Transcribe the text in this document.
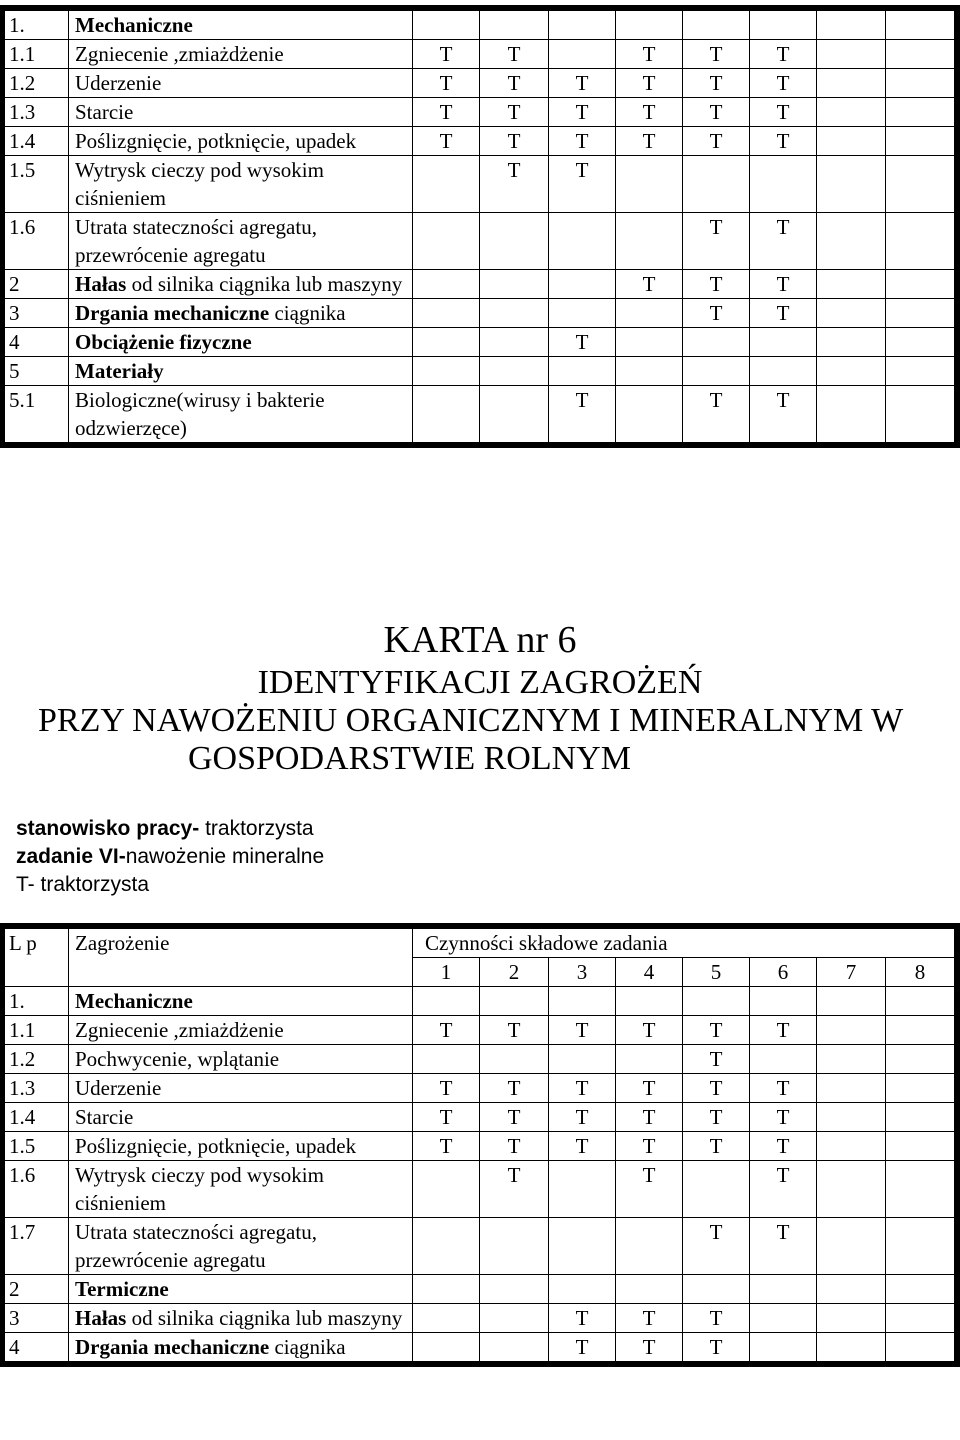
1.	Mechaniczne								
1.1	Zgniecenie ,zmiażdżenie	T	T		T	T	T		
1.2	Uderzenie	T	T	T	T	T	T		
1.3	Starcie	T	T	T	T	T	T		
1.4	Poślizgnięcie, potknięcie, upadek	T	T	T	T	T	T		
1.5	Wytrysk cieczy pod wysokim ciśnieniem		T	T					
1.6	Utrata stateczności agregatu, przewrócenie agregatu					T	T		
2	Hałas od silnika ciągnika lub maszyny				T	T	T		
3	Drgania mechaniczne ciągnika					T	T		
4	Obciążenie fizyczne			T					
5	Materiały								
5.1	Biologiczne(wirusy i bakterie odzwierzęce)			T		T	T		
KARTA nr 6
IDENTYFIKACJI ZAGROŻEŃ
PRZY NAWOŻENIU ORGANICZNYM I MINERALNYM W
GOSPODARSTWIE ROLNYM
stanowisko pracy- traktorzysta
zadanie VI-nawożenie mineralne
T- traktorzysta
L p	Zagrożenie	Czynności składowe zadania							
		1	2	3	4	5	6	7	8
1.	Mechaniczne								
1.1	Zgniecenie ,zmiażdżenie	T	T	T	T	T	T		
1.2	Pochwycenie, wplątanie					T			
1.3	Uderzenie	T	T	T	T	T	T		
1.4	Starcie	T	T	T	T	T	T		
1.5	Poślizgnięcie, potknięcie, upadek	T	T	T	T	T	T		
1.6	Wytrysk cieczy pod wysokim ciśnieniem		T		T		T		
1.7	Utrata stateczności agregatu, przewrócenie agregatu					T	T		
2	Termiczne								
3	Hałas od silnika ciągnika lub maszyny			T	T	T			
4	Drgania mechaniczne ciągnika			T	T	T			
